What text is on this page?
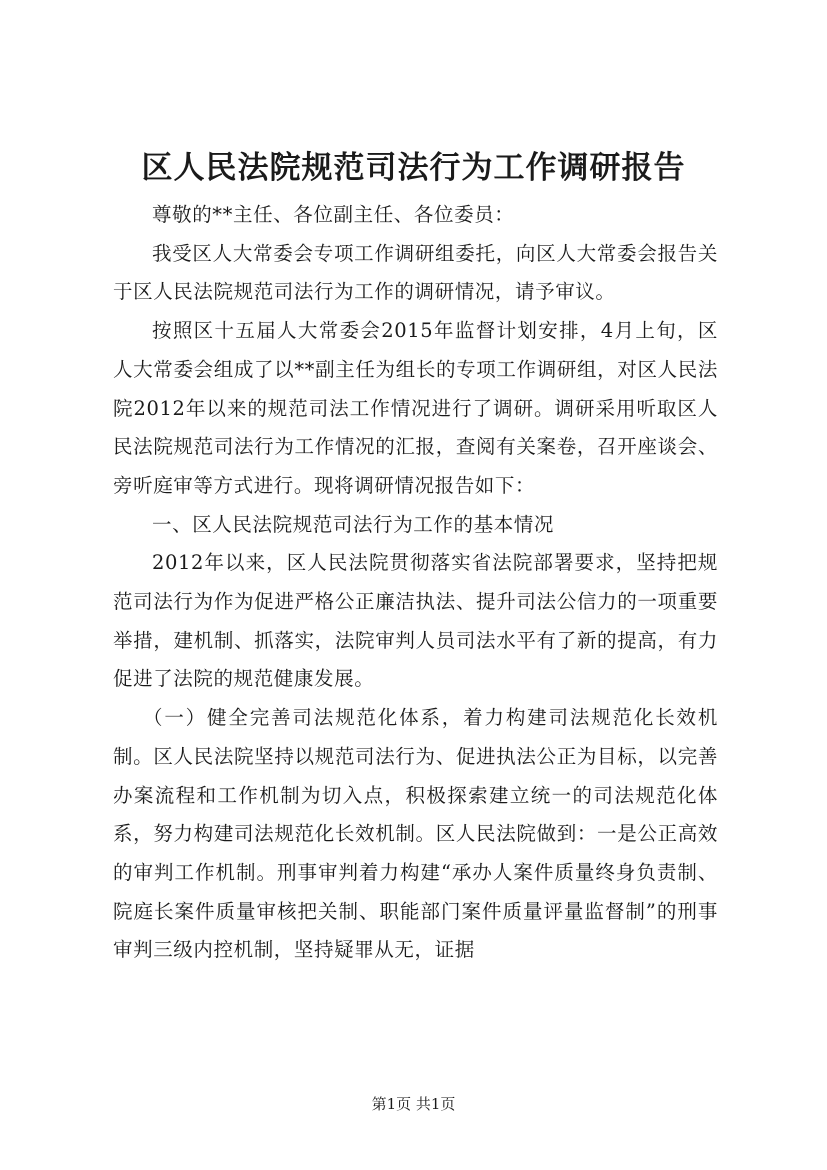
区人民法院规范司法行为工作调研报告

尊敬的**主任、各位副主任、各位委员：

我受区人大常委会专项工作调研组委托，向区人大常委会报告关于区人民法院规范司法行为工作的调研情况，请予审议。

按照区十五届人大常委会2015年监督计划安排，4月上旬，区人大常委会组成了以**副主任为组长的专项工作调研组，对区人民法院2012年以来的规范司法工作情况进行了调研。调研采用听取区人民法院规范司法行为工作情况的汇报，查阅有关案卷，召开座谈会、旁听庭审等方式进行。现将调研情况报告如下：

一、区人民法院规范司法行为工作的基本情况

2012年以来，区人民法院贯彻落实省法院部署要求，坚持把规范司法行为作为促进严格公正廉洁执法、提升司法公信力的一项重要举措，建机制、抓落实，法院审判人员司法水平有了新的提高，有力促进了法院的规范健康发展。

（一）健全完善司法规范化体系，着力构建司法规范化长效机制。区人民法院坚持以规范司法行为、促进执法公正为目标，以完善办案流程和工作机制为切入点，积极探索建立统一的司法规范化体系，努力构建司法规范化长效机制。区人民法院做到：一是公正高效的审判工作机制。刑事审判着力构建“承办人案件质量终身负责制、院庭长案件质量审核把关制、职能部门案件质量评量监督制”的刑事审判三级内控机制，坚持疑罪从无，证据

第1页 共1页
